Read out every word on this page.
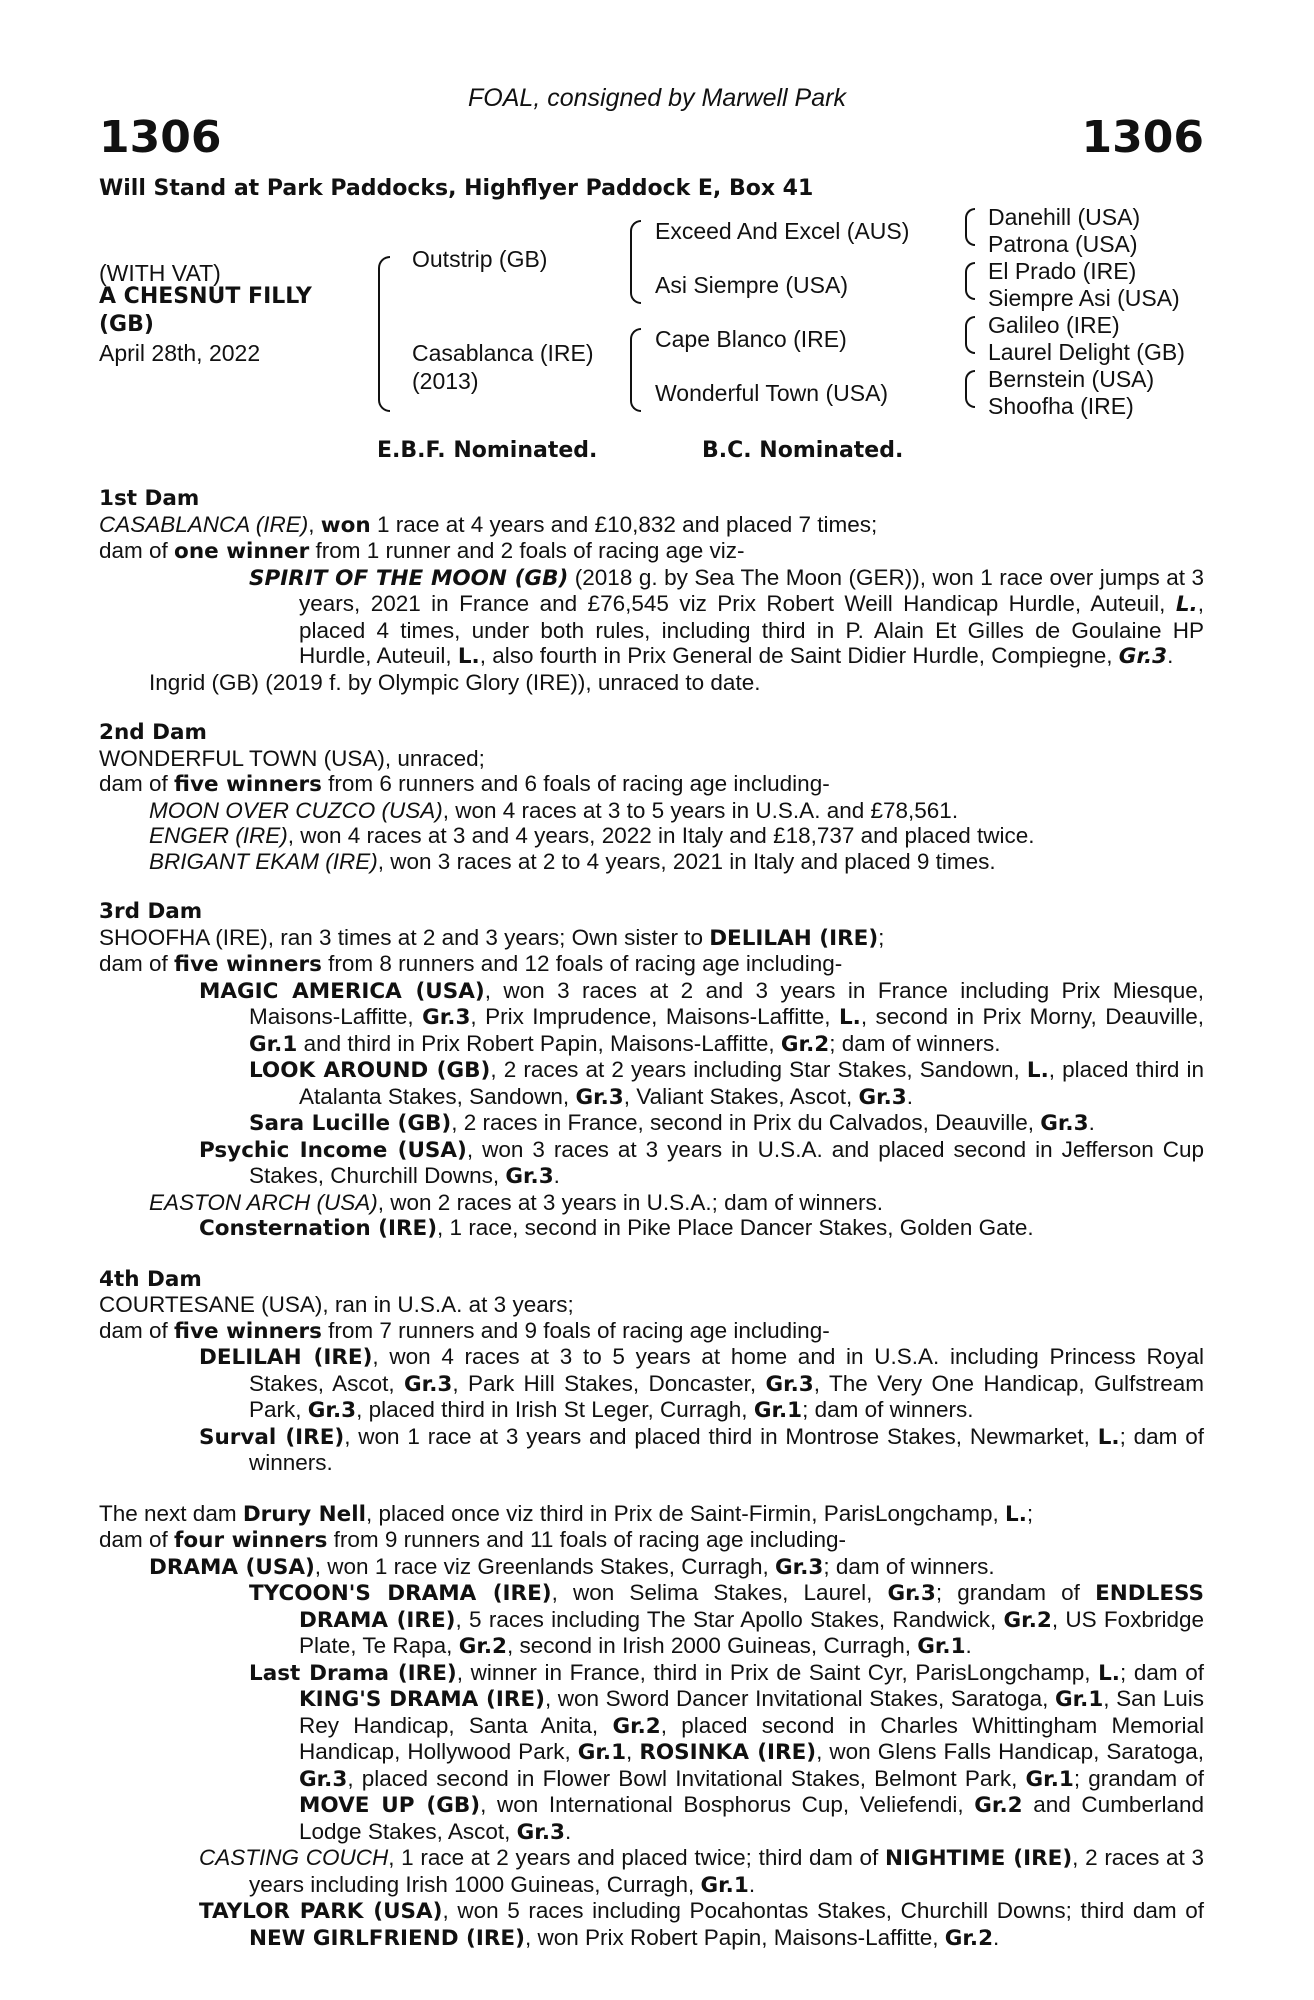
FOAL, consigned by Marwell Park
1306	1306
Will Stand at Park Paddocks, Highflyer Paddock E, Box 41
(WITH VAT)
A CHESNUT FILLY
(GB)
April 28th, 2022
Outstrip (GB)
Casablanca (IRE)
(2013)
Exceed And Excel (AUS)
Asi Siempre (USA)
Cape Blanco (IRE)
Wonderful Town (USA)
Danehill (USA)
Patrona (USA)
El Prado (IRE)
Siempre Asi (USA)
Galileo (IRE)
Laurel Delight (GB)
Bernstein (USA)
Shoofha (IRE)
E.B.F. Nominated.	B.C. Nominated.
1st Dam
CASABLANCA (IRE), won 1 race at 4 years and £10,832 and placed 7 times;
dam of one winner from 1 runner and 2 foals of racing age viz-
SPIRIT OF THE MOON (GB) (2018 g. by Sea The Moon (GER)), won 1 race over jumps at 3 years, 2021 in France and £76,545 viz Prix Robert Weill Handicap Hurdle, Auteuil, L., placed 4 times, under both rules, including third in P. Alain Et Gilles de Goulaine HP Hurdle, Auteuil, L., also fourth in Prix General de Saint Didier Hurdle, Compiegne, Gr.3.
Ingrid (GB) (2019 f. by Olympic Glory (IRE)), unraced to date.
2nd Dam
WONDERFUL TOWN (USA), unraced;
dam of five winners from 6 runners and 6 foals of racing age including-
MOON OVER CUZCO (USA), won 4 races at 3 to 5 years in U.S.A. and £78,561.
ENGER (IRE), won 4 races at 3 and 4 years, 2022 in Italy and £18,737 and placed twice.
BRIGANT EKAM (IRE), won 3 races at 2 to 4 years, 2021 in Italy and placed 9 times.
3rd Dam
SHOOFHA (IRE), ran 3 times at 2 and 3 years; Own sister to DELILAH (IRE);
dam of five winners from 8 runners and 12 foals of racing age including-
MAGIC AMERICA (USA), won 3 races at 2 and 3 years in France including Prix Miesque, Maisons-Laffitte, Gr.3, Prix Imprudence, Maisons-Laffitte, L., second in Prix Morny, Deauville, Gr.1 and third in Prix Robert Papin, Maisons-Laffitte, Gr.2; dam of winners.
LOOK AROUND (GB), 2 races at 2 years including Star Stakes, Sandown, L., placed third in Atalanta Stakes, Sandown, Gr.3, Valiant Stakes, Ascot, Gr.3.
Sara Lucille (GB), 2 races in France, second in Prix du Calvados, Deauville, Gr.3.
Psychic Income (USA), won 3 races at 3 years in U.S.A. and placed second in Jefferson Cup Stakes, Churchill Downs, Gr.3.
EASTON ARCH (USA), won 2 races at 3 years in U.S.A.; dam of winners.
Consternation (IRE), 1 race, second in Pike Place Dancer Stakes, Golden Gate.
4th Dam
COURTESANE (USA), ran in U.S.A. at 3 years;
dam of five winners from 7 runners and 9 foals of racing age including-
DELILAH (IRE), won 4 races at 3 to 5 years at home and in U.S.A. including Princess Royal Stakes, Ascot, Gr.3, Park Hill Stakes, Doncaster, Gr.3, The Very One Handicap, Gulfstream Park, Gr.3, placed third in Irish St Leger, Curragh, Gr.1; dam of winners.
Surval (IRE), won 1 race at 3 years and placed third in Montrose Stakes, Newmarket, L.; dam of winners.
The next dam Drury Nell, placed once viz third in Prix de Saint-Firmin, ParisLongchamp, L.;
dam of four winners from 9 runners and 11 foals of racing age including-
DRAMA (USA), won 1 race viz Greenlands Stakes, Curragh, Gr.3; dam of winners.
TYCOON'S DRAMA (IRE), won Selima Stakes, Laurel, Gr.3; grandam of ENDLESS DRAMA (IRE), 5 races including The Star Apollo Stakes, Randwick, Gr.2, US Foxbridge Plate, Te Rapa, Gr.2, second in Irish 2000 Guineas, Curragh, Gr.1.
Last Drama (IRE), winner in France, third in Prix de Saint Cyr, ParisLongchamp, L.; dam of KING'S DRAMA (IRE), won Sword Dancer Invitational Stakes, Saratoga, Gr.1, San Luis Rey Handicap, Santa Anita, Gr.2, placed second in Charles Whittingham Memorial Handicap, Hollywood Park, Gr.1, ROSINKA (IRE), won Glens Falls Handicap, Saratoga, Gr.3, placed second in Flower Bowl Invitational Stakes, Belmont Park, Gr.1; grandam of MOVE UP (GB), won International Bosphorus Cup, Veliefendi, Gr.2 and Cumberland Lodge Stakes, Ascot, Gr.3.
CASTING COUCH, 1 race at 2 years and placed twice; third dam of NIGHTIME (IRE), 2 races at 3 years including Irish 1000 Guineas, Curragh, Gr.1.
TAYLOR PARK (USA), won 5 races including Pocahontas Stakes, Churchill Downs; third dam of NEW GIRLFRIEND (IRE), won Prix Robert Papin, Maisons-Laffitte, Gr.2.
